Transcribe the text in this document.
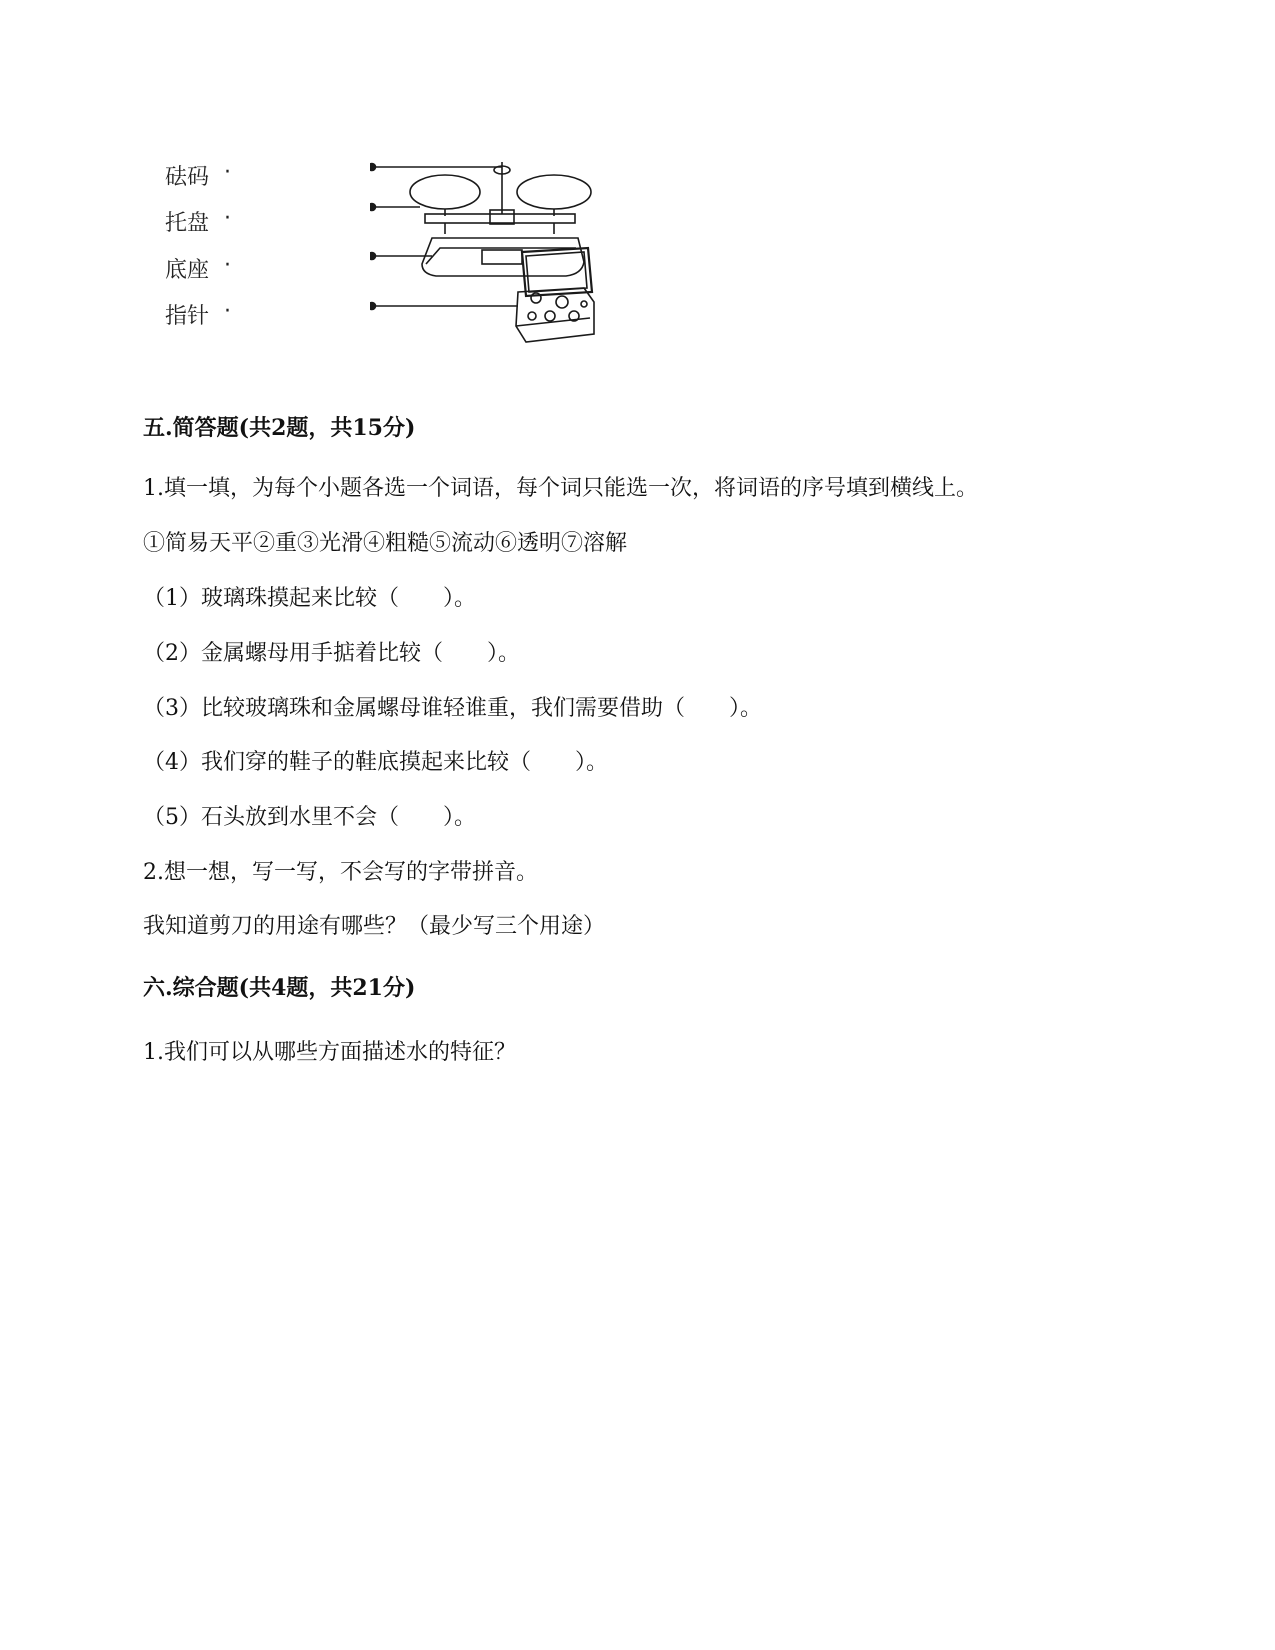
砝码
托盘
底座
指针
·
·
·
·
五.简答题(共2题，共15分)
1.填一填，为每个小题各选一个词语，每个词只能选一次，将词语的序号填到横线上。
①简易天平②重③光滑④粗糙⑤流动⑥透明⑦溶解
（1）玻璃珠摸起来比较（　　）。
（2）金属螺母用手掂着比较（　　）。
（3）比较玻璃珠和金属螺母谁轻谁重，我们需要借助（　　）。
（4）我们穿的鞋子的鞋底摸起来比较（　　）。
（5）石头放到水里不会（　　）。
2.想一想，写一写，不会写的字带拼音。
我知道剪刀的用途有哪些？（最少写三个用途）
六.综合题(共4题，共21分)
1.我们可以从哪些方面描述水的特征？
